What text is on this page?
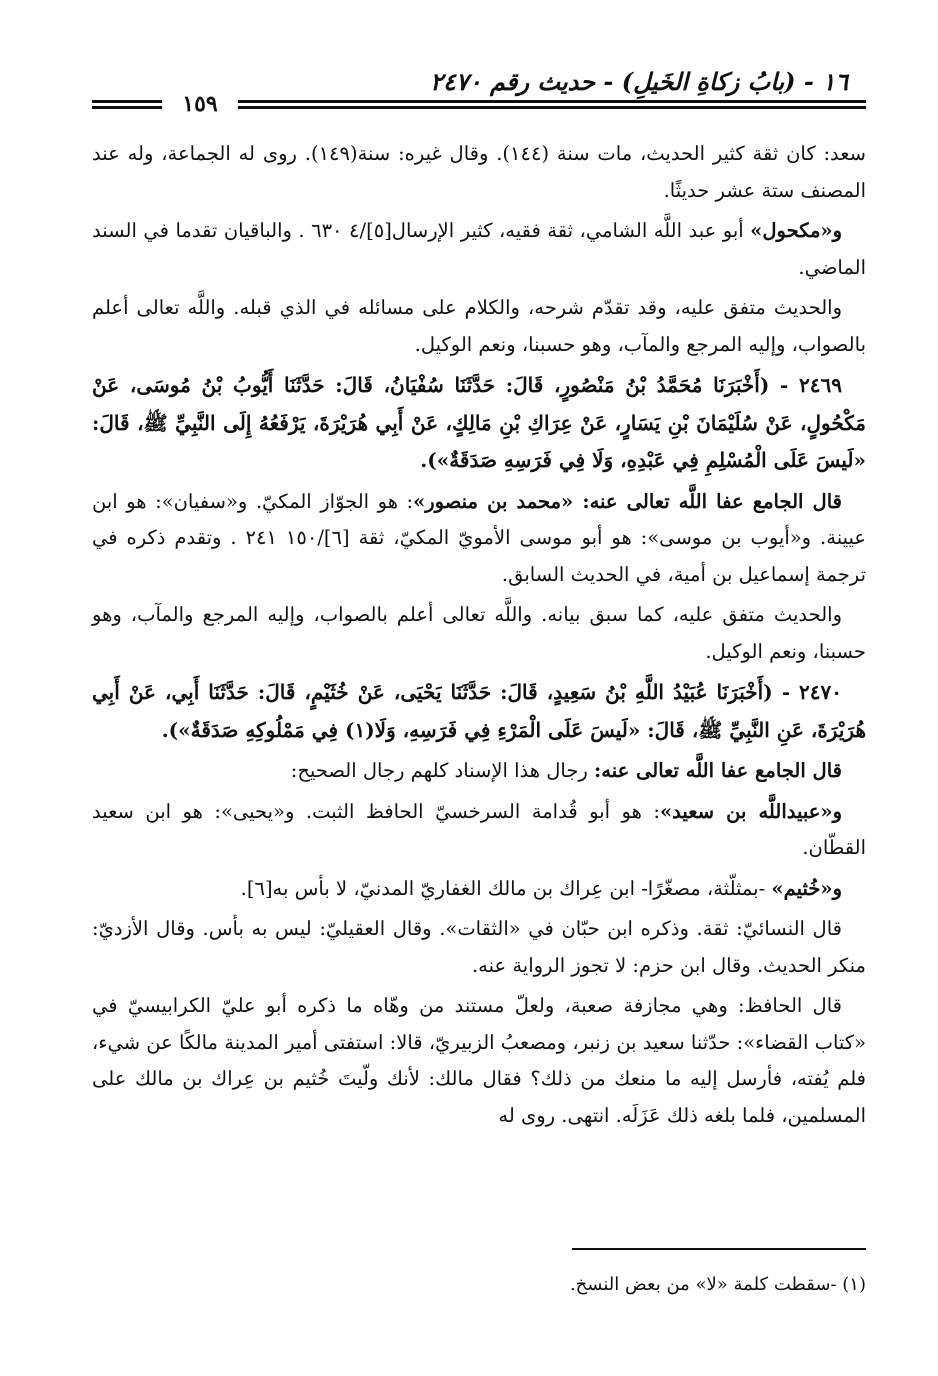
١٦ - (بابُ زكاةِ الخَيلِ) - حديث رقم ٢٤٧٠
١٥٩

سعد: كان ثقة كثير الحديث، مات سنة (١٤٤). وقال غيره: سنة(١٤٩). روى له الجماعة، وله عند المصنف ستة عشر حديثًا.

و«مكحول» أبو عبد اللَّه الشامي، ثقة فقيه، كثير الإرسال[٥]/٤ ٦٣٠ . والباقيان تقدما في السند الماضي.

والحديث متفق عليه، وقد تقدّم شرحه، والكلام على مسائله في الذي قبله. واللَّه تعالى أعلم بالصواب، وإليه المرجع والمآب، وهو حسبنا، ونعم الوكيل.

٢٤٦٩ - (أَخْبَرَنَا مُحَمَّدُ بْنُ مَنْصُورٍ، قَالَ: حَدَّثَنَا سُفْيَانُ، قَالَ: حَدَّثَنَا أَيُّوبُ بْنُ مُوسَى، عَنْ مَكْحُولٍ، عَنْ سُلَيْمَانَ بْنِ يَسَارٍ، عَنْ عِرَاكِ بْنِ مَالِكٍ، عَنْ أَبِي هُرَيْرَةَ، يَرْفَعُهُ إِلَى النَّبِيِّ ﷺ، قَالَ: «لَيسَ عَلَى الْمُسْلِمِ فِي عَبْدِهِ، وَلَا فِي فَرَسِهِ صَدَقَةٌ»).

قال الجامع عفا اللَّه تعالى عنه: «محمد بن منصور»: هو الجوّاز المكيّ. و«سفيان»: هو ابن عيينة. و«أيوب بن موسى»: هو أبو موسى الأمويّ المكيّ، ثقة [٦]/١٥٠ ٢٤١ . وتقدم ذكره في ترجمة إسماعيل بن أمية، في الحديث السابق.

والحديث متفق عليه، كما سبق بيانه. واللَّه تعالى أعلم بالصواب، وإليه المرجع والمآب، وهو حسبنا، ونعم الوكيل.

٢٤٧٠ - (أَخْبَرَنَا عُبَيْدُ اللَّهِ بْنُ سَعِيدٍ، قَالَ: حَدَّثَنَا يَحْيَى، عَنْ خُثَيْمٍ، قَالَ: حَدَّثَنَا أَبِي، عَنْ أَبِي هُرَيْرَةَ، عَنِ النَّبِيِّ ﷺ، قَالَ: «لَيسَ عَلَى الْمَرْءِ فِي فَرَسِهِ، وَلَا(١) فِي مَمْلُوكِهِ صَدَقَةٌ»).

قال الجامع عفا اللَّه تعالى عنه: رجال هذا الإسناد كلهم رجال الصحيح:

و«عبيداللَّه بن سعيد»: هو أبو قُدامة السرخسيّ الحافظ الثبت. و«يحيى»: هو ابن سعيد القطّان.

و«خُثيم» -بمثلّثة، مصغّرًا- ابن عِراك بن مالك الغفاريّ المدنيّ، لا بأس به[٦].

قال النسائيّ: ثقة. وذكره ابن حبّان في «الثقات». وقال العقيليّ: ليس به بأس. وقال الأزديّ: منكر الحديث. وقال ابن حزم: لا تجوز الرواية عنه.

قال الحافظ: وهي مجازفة صعبة، ولعلّ مستند من وهّاه ما ذكره أبو عليّ الكرابيسيّ في «كتاب القضاء»: حدّثنا سعيد بن زنبر، ومصعبُ الزبيريّ، قالا: استفتى أمير المدينة مالكًا عن شيء، فلم يُفته، فأرسل إليه ما منعك من ذلك؟ فقال مالك: لأنك ولّيتَ خُثيم بن عِراك بن مالك على المسلمين، فلما بلغه ذلك عَزَلَه. انتهى. روى له

(١) -سقطت كلمة «لا» من بعض النسخ.
